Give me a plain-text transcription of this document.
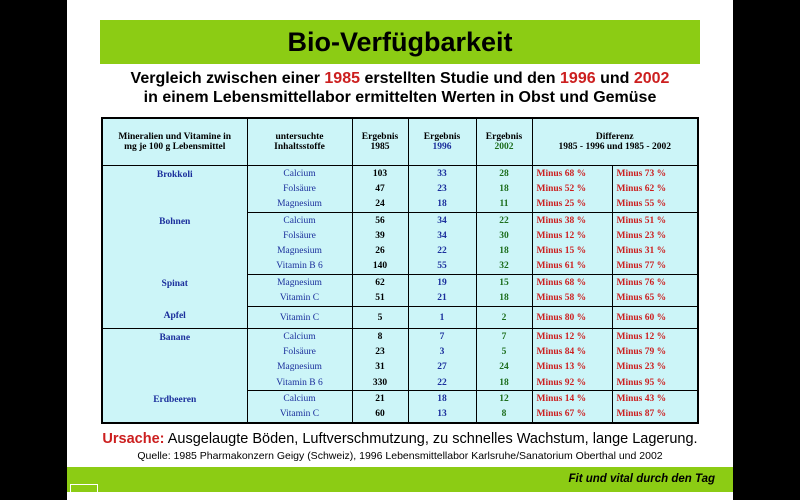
Bio-Verfügbarkeit
Vergleich zwischen einer 1985 erstellten Studie und den 1996 und 2002
in einem Lebensmittellabor ermittelten Werten in Obst und Gemüse
Mineralien und Vitamine in
mg je 100 g Lebensmittel	untersuchte
Inhaltsstoffe	Ergebnis
1985	Ergebnis
1996	Ergebnis
2002	Differenz
1985 - 1996 und 1985 - 2002	
Brokkoli	Calcium	103	33	28	Minus 68 %	Minus 73 %
	Folsäure	47	23	18	Minus 52 %	Minus 62 %
	Magnesium	24	18	11	Minus 25 %	Minus 55 %
Bohnen	Calcium	56	34	22	Minus 38 %	Minus 51 %
	Folsäure	39	34	30	Minus 12 %	Minus 23 %
	Magnesium	26	22	18	Minus 15 %	Minus 31 %
	Vitamin B 6	140	55	32	Minus 61 %	Minus 77 %
Spinat	Magnesium	62	19	15	Minus 68 %	Minus 76 %
	Vitamin C	51	21	18	Minus 58 %	Minus 65 %
Apfel	Vitamin C	5	1	2	Minus 80 %	Minus 60 %
Banane	Calcium	8	7	7	Minus 12 %	Minus 12 %
	Folsäure	23	3	5	Minus 84 %	Minus 79 %
	Magnesium	31	27	24	Minus 13 %	Minus 23 %
	Vitamin B 6	330	22	18	Minus 92 %	Minus 95 %
Erdbeeren	Calcium	21	18	12	Minus 14 %	Minus 43 %
	Vitamin C	60	13	8	Minus 67 %	Minus 87 %
Ursache: Ausgelaugte Böden, Luftverschmutzung, zu schnelles Wachstum, lange Lagerung.
Quelle: 1985 Pharmakonzern Geigy (Schweiz), 1996 Lebensmittellabor Karlsruhe/Sanatorium Oberthal und 2002
Fit und vital durch den Tag
